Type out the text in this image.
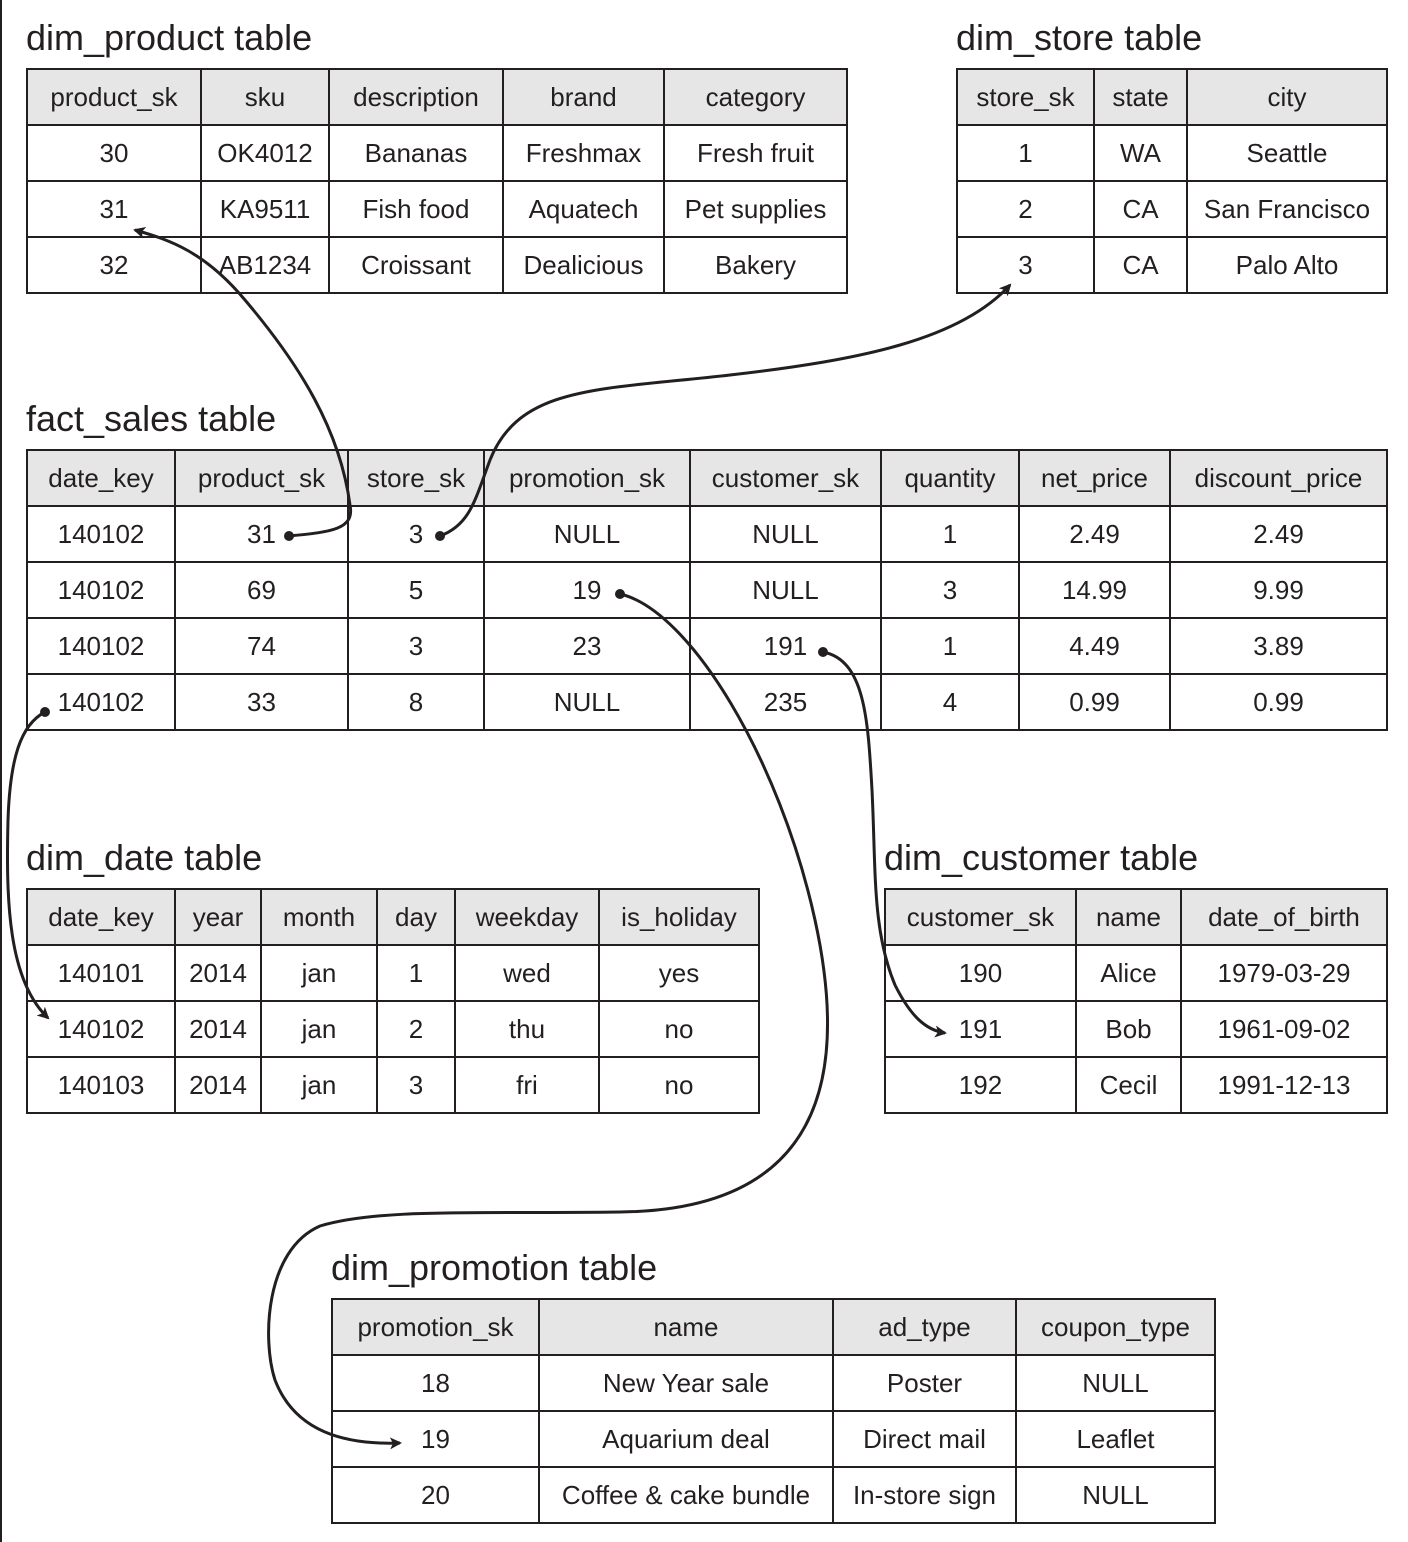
dim_product table
product_sk	sku	description	brand	category
30	OK4012	Bananas	Freshmax	Fresh fruit
31	KA9511	Fish food	Aquatech	Pet supplies
32	AB1234	Croissant	Dealicious	Bakery
dim_store table
store_sk	state	city
1	WA	Seattle
2	CA	San Francisco
3	CA	Palo Alto
fact_sales table
date_key	product_sk	store_sk	promotion_sk	customer_sk	quantity	net_price	discount_price
140102	31	3	NULL	NULL	1	2.49	2.49
140102	69	5	19	NULL	3	14.99	9.99
140102	74	3	23	191	1	4.49	3.89
140102	33	8	NULL	235	4	0.99	0.99
dim_date table
date_key	year	month	day	weekday	is_holiday
140101	2014	jan	1	wed	yes
140102	2014	jan	2	thu	no
140103	2014	jan	3	fri	no
dim_customer table
customer_sk	name	date_of_birth
190	Alice	1979-03-29
191	Bob	1961-09-02
192	Cecil	1991-12-13
dim_promotion table
promotion_sk	name	ad_type	coupon_type
18	New Year sale	Poster	NULL
19	Aquarium deal	Direct mail	Leaflet
20	Coffee & cake bundle	In-store sign	NULL
